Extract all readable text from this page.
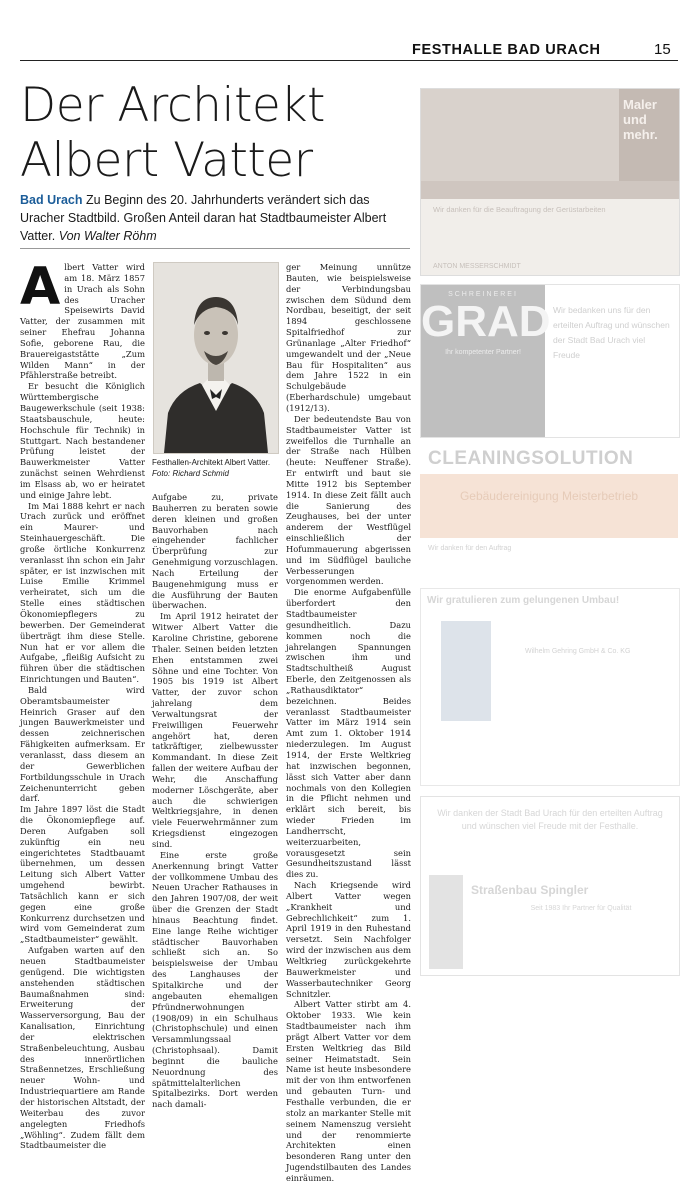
FESTHALLE BAD URACH	15
Der Architekt
Albert Vatter
Bad Urach Zu Beginn des 20. Jahrhunderts verändert sich das Uracher Stadtbild. Großen Anteil daran hat Stadtbaumeister Albert Vatter. Von Walter Röhm

Albert Vatter wird am 18. März 1857 in Urach als Sohn des Uracher Speisewirts David Vatter, der zusammen mit seiner Ehefrau Johanna Sofie, geborene Rau, die Brauereigaststätte „Zum Wilden Mann“ in der Pfählerstraße betreibt.

Er besucht die Königlich Württembergische Baugewerkschule (seit 1938: Staatsbauschule, heute: Hochschule für Technik) in Stuttgart. Nach bestandener Prüfung leistet der Bauwerkmeister Vatter zunächst seinen Wehrdienst im Elsass ab, wo er heiratet und einige Jahre lebt.

Im Mai 1888 kehrt er nach Urach zurück und eröffnet ein Maurer- und Steinhauergeschäft. Die große örtliche Konkurrenz veranlasst ihn schon ein Jahr später, er ist inzwischen mit Luise Emilie Krimmel verheiratet, sich um die Stelle eines städtischen Ökonomiepflegers zu bewerben. Der Gemeinderat überträgt ihm diese Stelle. Nun hat er vor allem die Aufgabe, „fleißig Aufsicht zu führen über die städtischen Einrichtungen und Bauten“.

Bald wird Oberamtsbaumeister Heinrich Graser auf den jungen Bauwerkmeister und dessen zeichnerischen Fähigkeiten aufmerksam. Er veranlasst, dass diesem an der Gewerblichen Fortbildungsschule in Urach Zeichenunterricht geben darf.

Im Jahre 1897 löst die Stadt die Ökonomiepflege auf. Deren Aufgaben soll zukünftig ein neu eingerichtetes Stadtbauamt übernehmen, um dessen Leitung sich Albert Vatter umgehend bewirbt. Tatsächlich kann er sich gegen eine große Konkurrenz durchsetzen und wird vom Gemeinderat zum „Stadtbaumeister“ gewählt.

Aufgaben warten auf den neuen Stadtbaumeister genügend. Die wichtigsten anstehenden städtischen Baumaßnahmen sind: Erweiterung der Wasserversorgung, Bau der Kanalisation, Einrichtung der elektrischen Straßenbeleuchtung, Ausbau des innerörtlichen Straßennetzes, Erschließung neuer Wohn- und Industriequartiere am Rande der historischen Altstadt, der Weiterbau des zuvor angelegten Friedhofs „Wöhling“. Zudem fällt dem Stadtbaumeister die

Festhallen-Architekt Albert Vatter. Foto: Richard Schmid

Aufgabe zu, private Bauherren zu beraten sowie deren kleinen und großen Bauvorhaben nach eingehender fachlicher Überprüfung zur Genehmigung vorzuschlagen. Nach Erteilung der Baugenehmigung muss er die Ausführung der Bauten überwachen.

Im April 1912 heiratet der Witwer Albert Vatter die Karoline Christine, geborene Thaler. Seinen beiden letzten Ehen entstammen zwei Söhne und eine Tochter. Von 1905 bis 1919 ist Albert Vatter, der zuvor schon jahrelang dem Verwaltungsrat der Freiwilligen Feuerwehr angehört hat, deren tatkräftiger, zielbewusster Kommandant. In diese Zeit fallen der weitere Aufbau der Wehr, die Anschaffung moderner Löschgeräte, aber auch die schwierigen Weltkriegsjahre, in denen viele Feuerwehrmänner zum Kriegsdienst eingezogen sind.

Eine erste große Anerkennung bringt Vatter der vollkommene Umbau des Neuen Uracher Rathauses in den Jahren 1907/08, der weit über die Grenzen der Stadt hinaus Beachtung findet. Eine lange Reihe wichtiger städtischer Bauvorhaben schließt sich an. So beispielsweise der Umbau des Langhauses der Spitalkirche und der angebauten ehemaligen Pfründnerwohnungen (1908/09) in ein Schulhaus (Christophschule) und einen Versammlungssaal (Christophsaal). Damit beginnt die bauliche Neuordnung des spätmittelalterlichen Spitalbezirks. Dort werden nach damali-

ger Meinung unnütze Bauten, wie beispielsweise der Verbindungsbau zwischen dem Südund dem Nordbau, beseitigt, der seit 1894 geschlossene Spitalfriedhof zur Grünanlage „Alter Friedhof“ umgewandelt und der „Neue Bau für Hospitaliten“ aus dem Jahre 1522 in ein Schulgebäude (Eberhardschule) umgebaut (1912/13).

Der bedeutendste Bau von Stadtbaumeister Vatter ist zweifellos die Turnhalle an der Straße nach Hülben (heute: Neuffener Straße). Er entwirft und baut sie Mitte 1912 bis September 1914. In diese Zeit fällt auch die Sanierung des Zeughauses, bei der unter anderem der Westflügel einschließlich der Hofummauerung abgerissen und im Südflügel bauliche Verbesserungen vorgenommen werden.

Die enorme Aufgabenfülle überfordert den Stadtbaumeister gesundheitlich. Dazu kommen noch die jahrelangen Spannungen zwischen ihm und Stadtschultheiß August Eberle, den Zeitgenossen als „Rathausdiktator“ bezeichnen. Beides veranlasst Stadtbaumeister Vatter im März 1914 sein Amt zum 1. Oktober 1914 niederzulegen. Im August 1914, der Erste Weltkrieg hat inzwischen begonnen, lässt sich Vatter aber dann nochmals von den Kollegien in die Pflicht nehmen und erklärt sich bereit, bis wieder Frieden im Landherrscht, weiterzuarbeiten, vorausgesetzt sein Gesundheitszustand lässt dies zu.

Nach Kriegsende wird Albert Vatter wegen „Krankheit und Gebrechlichkeit“ zum 1. April 1919 in den Ruhestand versetzt. Sein Nachfolger wird der inzwischen aus dem Weltkrieg zurückgekehrte Bauwerkmeister und Wasserbautechniker Georg Schnitzler.

Albert Vatter stirbt am 4. Oktober 1933. Wie kein Stadtbaumeister nach ihm prägt Albert Vatter vor dem Ersten Weltkrieg das Bild seiner Heimatstadt. Sein Name ist heute insbesondere mit der von ihm entworfenen und gebauten Turn- und Festhalle verbunden, die er stolz an markanter Stelle mit seinem Namenszug versieht und der renommierte Architekten einen besonderen Rang unter den Jugendstilbauten des Landes einräumen.

Maler und mehr.
Wir danken für die Beauftragung der Gerüstarbeiten
ANTON MESSERSCHMIDT
SCHREINEREI
GRAD
Ihr kompetenter Partner!
Wir bedanken uns für den erteilten Auftrag und wünschen der Stadt Bad Urach viel Freude
CLEANINGSOLUTION
Gebäudereinigung Meisterbetrieb
Wir danken für den Auftrag
Wir gratulieren zum gelungenen Umbau!
Wilhelm Gehring GmbH & Co. KG
Wir danken der Stadt Bad Urach für den erteilten Auftrag und wünschen viel Freude mit der Festhalle.
Straßenbau Spingler
Seit 1983 Ihr Partner für Qualität
